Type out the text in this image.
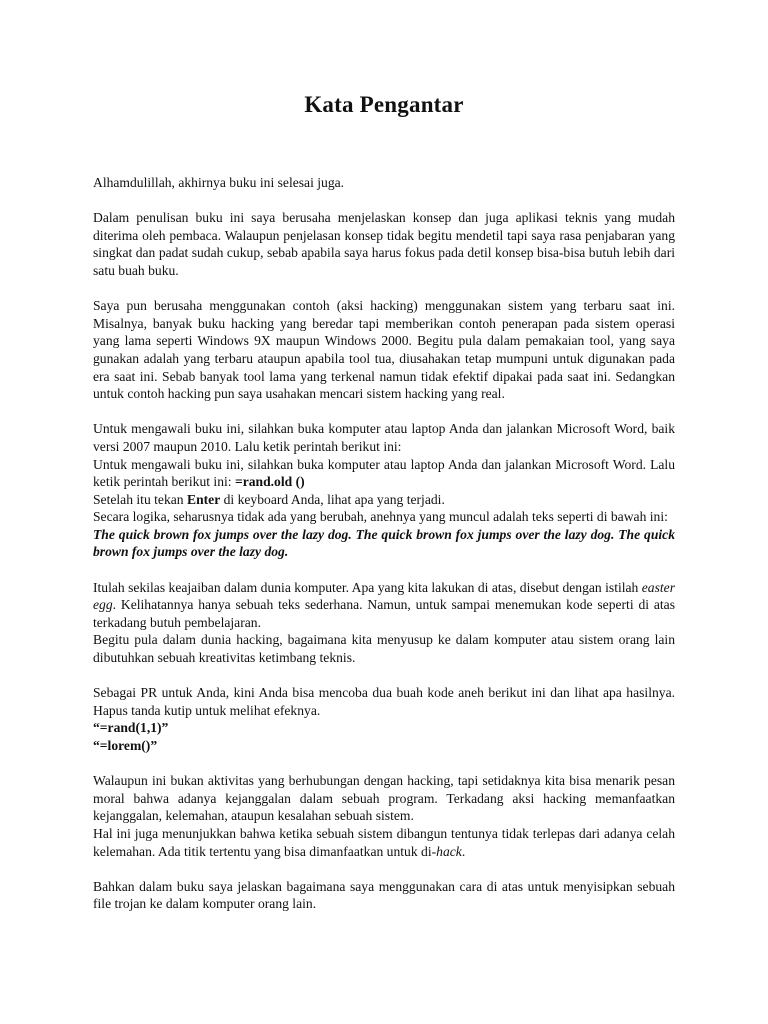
Kata Pengantar

Alhamdulillah, akhirnya buku ini selesai juga.

Dalam penulisan buku ini saya berusaha menjelaskan konsep dan juga aplikasi teknis yang mudah diterima oleh pembaca. Walaupun penjelasan konsep tidak begitu mendetil tapi saya rasa penjabaran yang singkat dan padat sudah cukup, sebab apabila saya harus fokus pada detil konsep bisa-bisa butuh lebih dari satu buah buku.

Saya pun berusaha menggunakan contoh (aksi hacking) menggunakan sistem yang terbaru saat ini. Misalnya, banyak buku hacking yang beredar tapi memberikan contoh penerapan pada sistem operasi yang lama seperti Windows 9X maupun Windows 2000. Begitu pula dalam pemakaian tool, yang saya gunakan adalah yang terbaru ataupun apabila tool tua, diusahakan tetap mumpuni untuk digunakan pada era saat ini. Sebab banyak tool lama yang terkenal namun tidak efektif dipakai pada saat ini. Sedangkan untuk contoh hacking pun saya usahakan mencari sistem hacking yang real.

Untuk mengawali buku ini, silahkan buka komputer atau laptop Anda dan jalankan Microsoft Word, baik versi 2007 maupun 2010. Lalu ketik perintah berikut ini:

Untuk mengawali buku ini, silahkan buka komputer atau laptop Anda dan jalankan Microsoft Word. Lalu ketik perintah berikut ini: =rand.old ()

Setelah itu tekan Enter di keyboard Anda, lihat apa yang terjadi.

Secara logika, seharusnya tidak ada yang berubah, anehnya yang muncul adalah teks seperti di bawah ini:

The quick brown fox jumps over the lazy dog. The quick brown fox jumps over the lazy dog. The quick brown fox jumps over the lazy dog.

Itulah sekilas keajaiban dalam dunia komputer. Apa yang kita lakukan di atas, disebut dengan istilah easter egg. Kelihatannya hanya sebuah teks sederhana. Namun, untuk sampai menemukan kode seperti di atas terkadang butuh pembelajaran.

Begitu pula dalam dunia hacking, bagaimana kita menyusup ke dalam komputer atau sistem orang lain dibutuhkan sebuah kreativitas ketimbang teknis.

Sebagai PR untuk Anda, kini Anda bisa mencoba dua buah kode aneh berikut ini dan lihat apa hasilnya. Hapus tanda kutip untuk melihat efeknya.

“=rand(1,1)”

“=lorem()”

Walaupun ini bukan aktivitas yang berhubungan dengan hacking, tapi setidaknya kita bisa menarik pesan moral bahwa adanya kejanggalan dalam sebuah program. Terkadang aksi hacking memanfaatkan kejanggalan, kelemahan, ataupun kesalahan sebuah sistem.

Hal ini juga menunjukkan bahwa ketika sebuah sistem dibangun tentunya tidak terlepas dari adanya celah kelemahan. Ada titik tertentu yang bisa dimanfaatkan untuk di-hack.

Bahkan dalam buku saya jelaskan bagaimana saya menggunakan cara di atas untuk menyisipkan sebuah file trojan ke dalam komputer orang lain.
